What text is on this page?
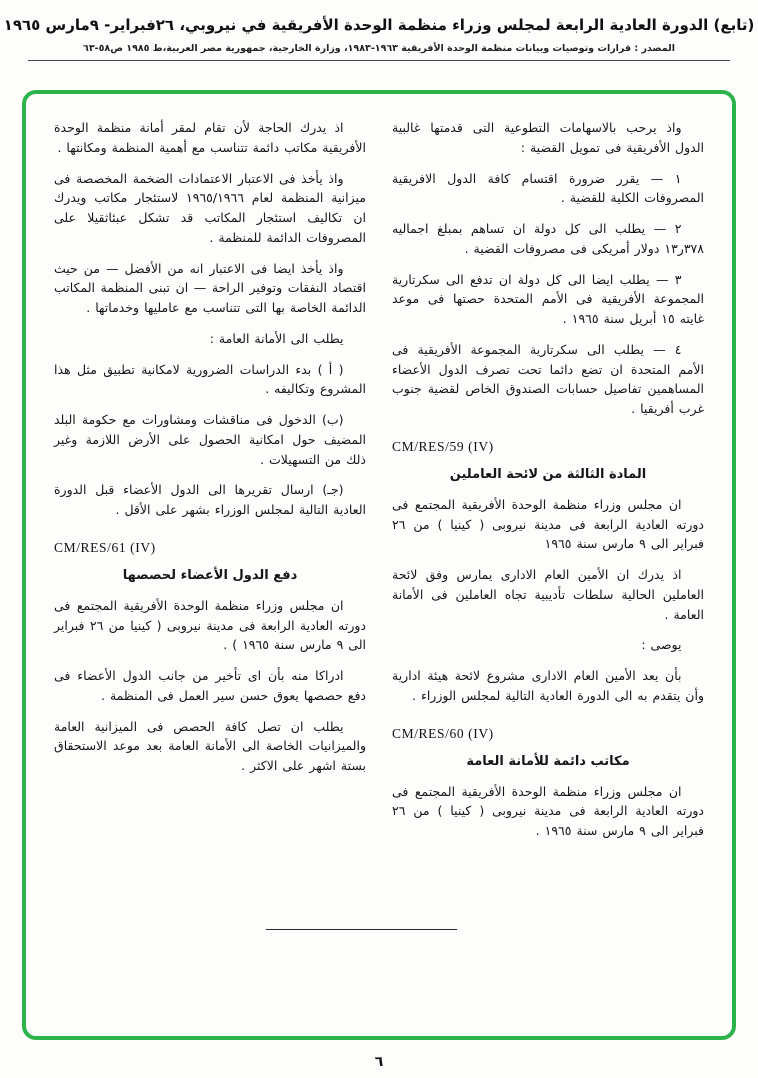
(تابع) الدورة العادية الرابعة لمجلس وزراء منظمة الوحدة الأفريقية في نيروبي، ٢٦فبراير- ٩مارس ١٩٦٥
المصدر : قرارات وتوصيات وبيانات منظمة الوحدة الأفريقية ١٩٦٣-١٩٨٣، وزارة الخارجية، جمهورية مصر العربية،ط ١٩٨٥ ص٥٨-٦٣

واذ يرحب بالاسهامات التطوعية التى قدمتها غالبية الدول الأفريقية فى تمويل القضية :

١ — يقرر ضرورة اقتسام كافة الدول الافريقية المصروفات الكلية للقضية .

٢ — يطلب الى كل دولة ان تساهم بمبلغ اجماليه ٣٧٨ر١٣ دولار أمريكى فى مصروفات القضية .

٣ — يطلب ايضا الى كل دولة ان تدفع الى سكرتارية المجموعة الأفريقية فى الأمم المتحدة حصتها فى موعد غايته ١٥ أبريل سنة ١٩٦٥ .

٤ — يطلب الى سكرتارية المجموعة الأفريقية فى الأمم المتحدة ان تضع دائما تحت تصرف الدول الأعضاء المساهمين تفاصيل حسابات الصندوق الخاص لقضية جنوب غرب أفريقيا .

CM/RES/59 (IV)
المادة الثالثة من لائحة العاملين

ان مجلس وزراء منظمة الوحدة الأفريقية المجتمع فى دورته العادية الرابعة فى مدينة نيروبى ( كينيا ) من ٢٦ فبراير الى ٩ مارس سنة ١٩٦٥

اذ يدرك ان الأمين العام الادارى يمارس وفق لائحة العاملين الحالية سلطات تأديبية تجاه العاملين فى الأمانة العامة .

يوصى :

بأن يعد الأمين العام الادارى مشروع لائحة هيئة ادارية وأن يتقدم به الى الدورة العادية التالية لمجلس الوزراء .

CM/RES/60 (IV)
مكاتب دائمة للأمانة العامة

ان مجلس وزراء منظمة الوحدة الأفريقية المجتمع فى دورته العادية الرابعة فى مدينة نيروبى ( كينيا ) من ٢٦ فبراير الى ٩ مارس سنة ١٩٦٥ .

اذ يدرك الحاجة لأن تقام لمقر أمانة منظمة الوحدة الأفريقية مكاتب دائمة تتناسب مع أهمية المنظمة ومكانتها .

واذ يأخذ فى الاعتبار الاعتمادات الضخمة المخصصة فى ميزانية المنظمة لعام ١٩٦٥/١٩٦٦ لاستئجار مكاتب ويدرك ان تكاليف استئجار المكاتب قد تشكل عبئاثقيلا على المصروفات الدائمة للمنظمة .

واذ يأخذ ايضا فى الاعتبار انه من الأفضل — من حيث اقتصاد النفقات وتوفير الراحة — ان تبنى المنظمة المكاتب الدائمة الخاصة بها التى تتناسب مع عامليها وخدماتها .

يطلب الى الأمانة العامة :

( أ ) بدء الدراسات الضرورية لامكانية تطبيق مثل هذا المشروع وتكاليفه .

(ب) الدخول فى مناقشات ومشاورات مع حكومة البلد المضيف حول امكانية الحصول على الأرض اللازمة وغير ذلك من التسهيلات .

(جـ) ارسال تقريرها الى الدول الأعضاء قبل الدورة العادية التالية لمجلس الوزراء بشهر على الأقل .

CM/RES/61 (IV)
دفع الدول الأعضاء لحصصها

ان مجلس وزراء منظمة الوحدة الأفريقية المجتمع فى دورته العادية الرابعة فى مدينة نيروبى ( كينيا من ٢٦ فبراير الى ٩ مارس سنة ١٩٦٥ ) .

ادراكا منه بأن اى تأخير من جانب الدول الأعضاء فى دفع حصصها يعوق حسن سير العمل فى المنظمة .

يطلب ان تصل كافة الحصص فى الميزانية العامة والميزانيات الخاصة الى الأمانة العامة بعد موعد الاستحقاق بستة اشهر على الاكثر .

٦
